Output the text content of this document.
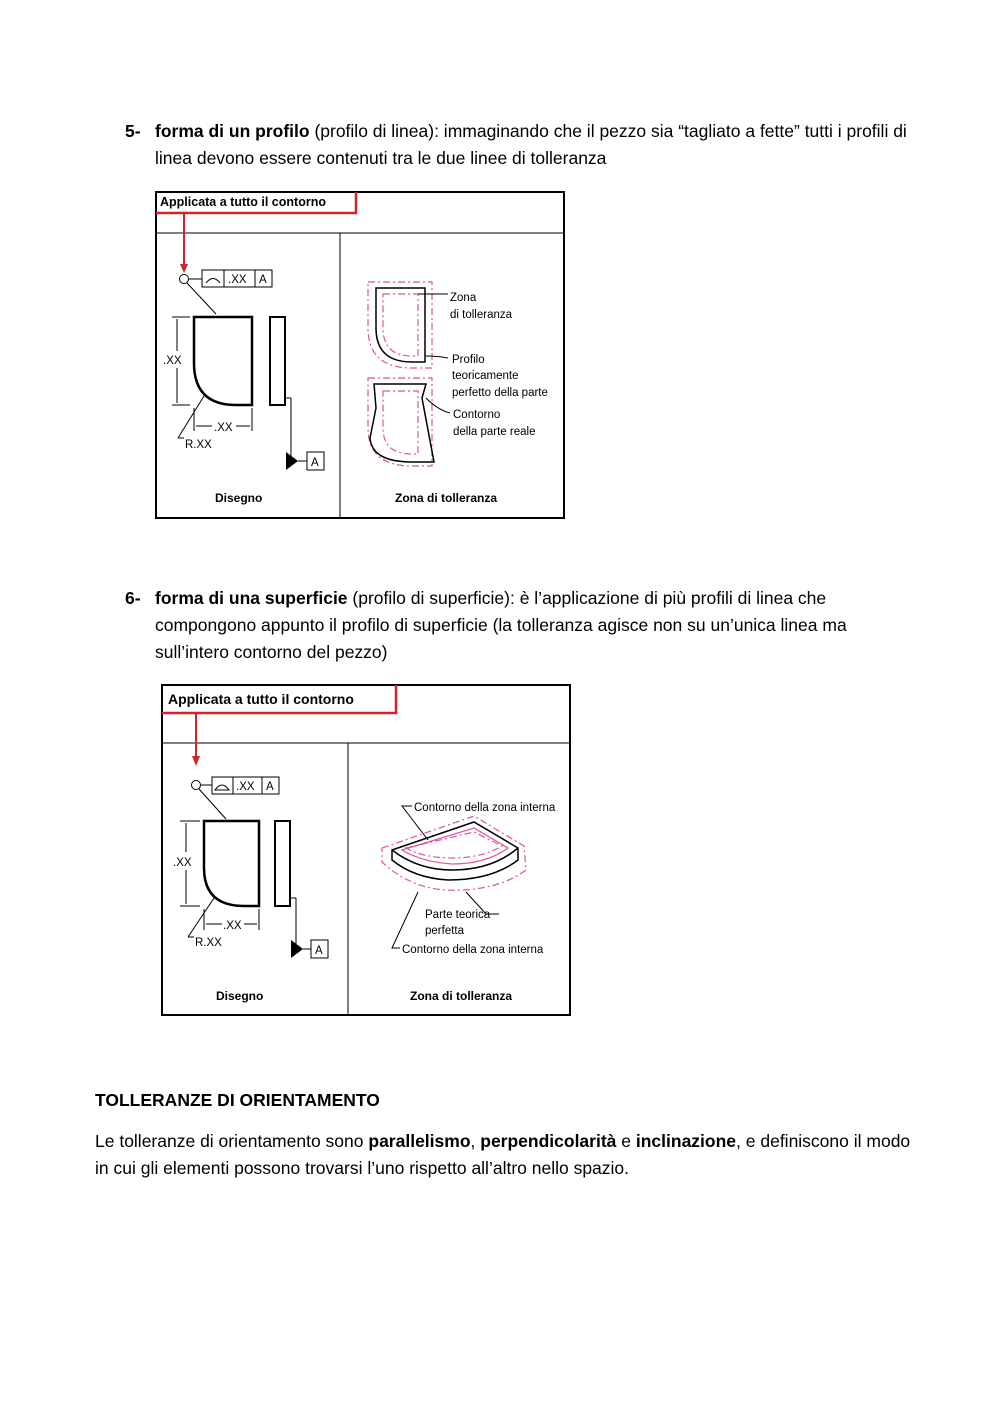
5- forma di un profilo (profilo di linea): immaginando che il pezzo sia “tagliato a fette” tutti i profili di linea devono essere contenuti tra le due linee di tolleranza
Applicata a tutto il contorno
.XX A
.XX
.XX
R.XX
A
Disegno	Zona di tolleranza
Zona
di tolleranza
Profilo
teoricamente
perfetto della parte
Contorno
della parte reale
6- forma di una superficie (profilo di superficie): è l’applicazione di più profili di linea che compongono appunto il profilo di superficie (la tolleranza agisce non su un’unica linea ma sull’intero contorno del pezzo)
Applicata a tutto il contorno
.XX A
.XX
.XX
R.XX
A
Disegno	Zona di tolleranza
Contorno della zona interna
Parte teorica
perfetta
Contorno della zona interna
TOLLERANZE DI ORIENTAMENTO
Le tolleranze di orientamento sono parallelismo, perpendicolarità e inclinazione, e definiscono il modo in cui gli elementi possono trovarsi l’uno rispetto all’altro nello spazio.
